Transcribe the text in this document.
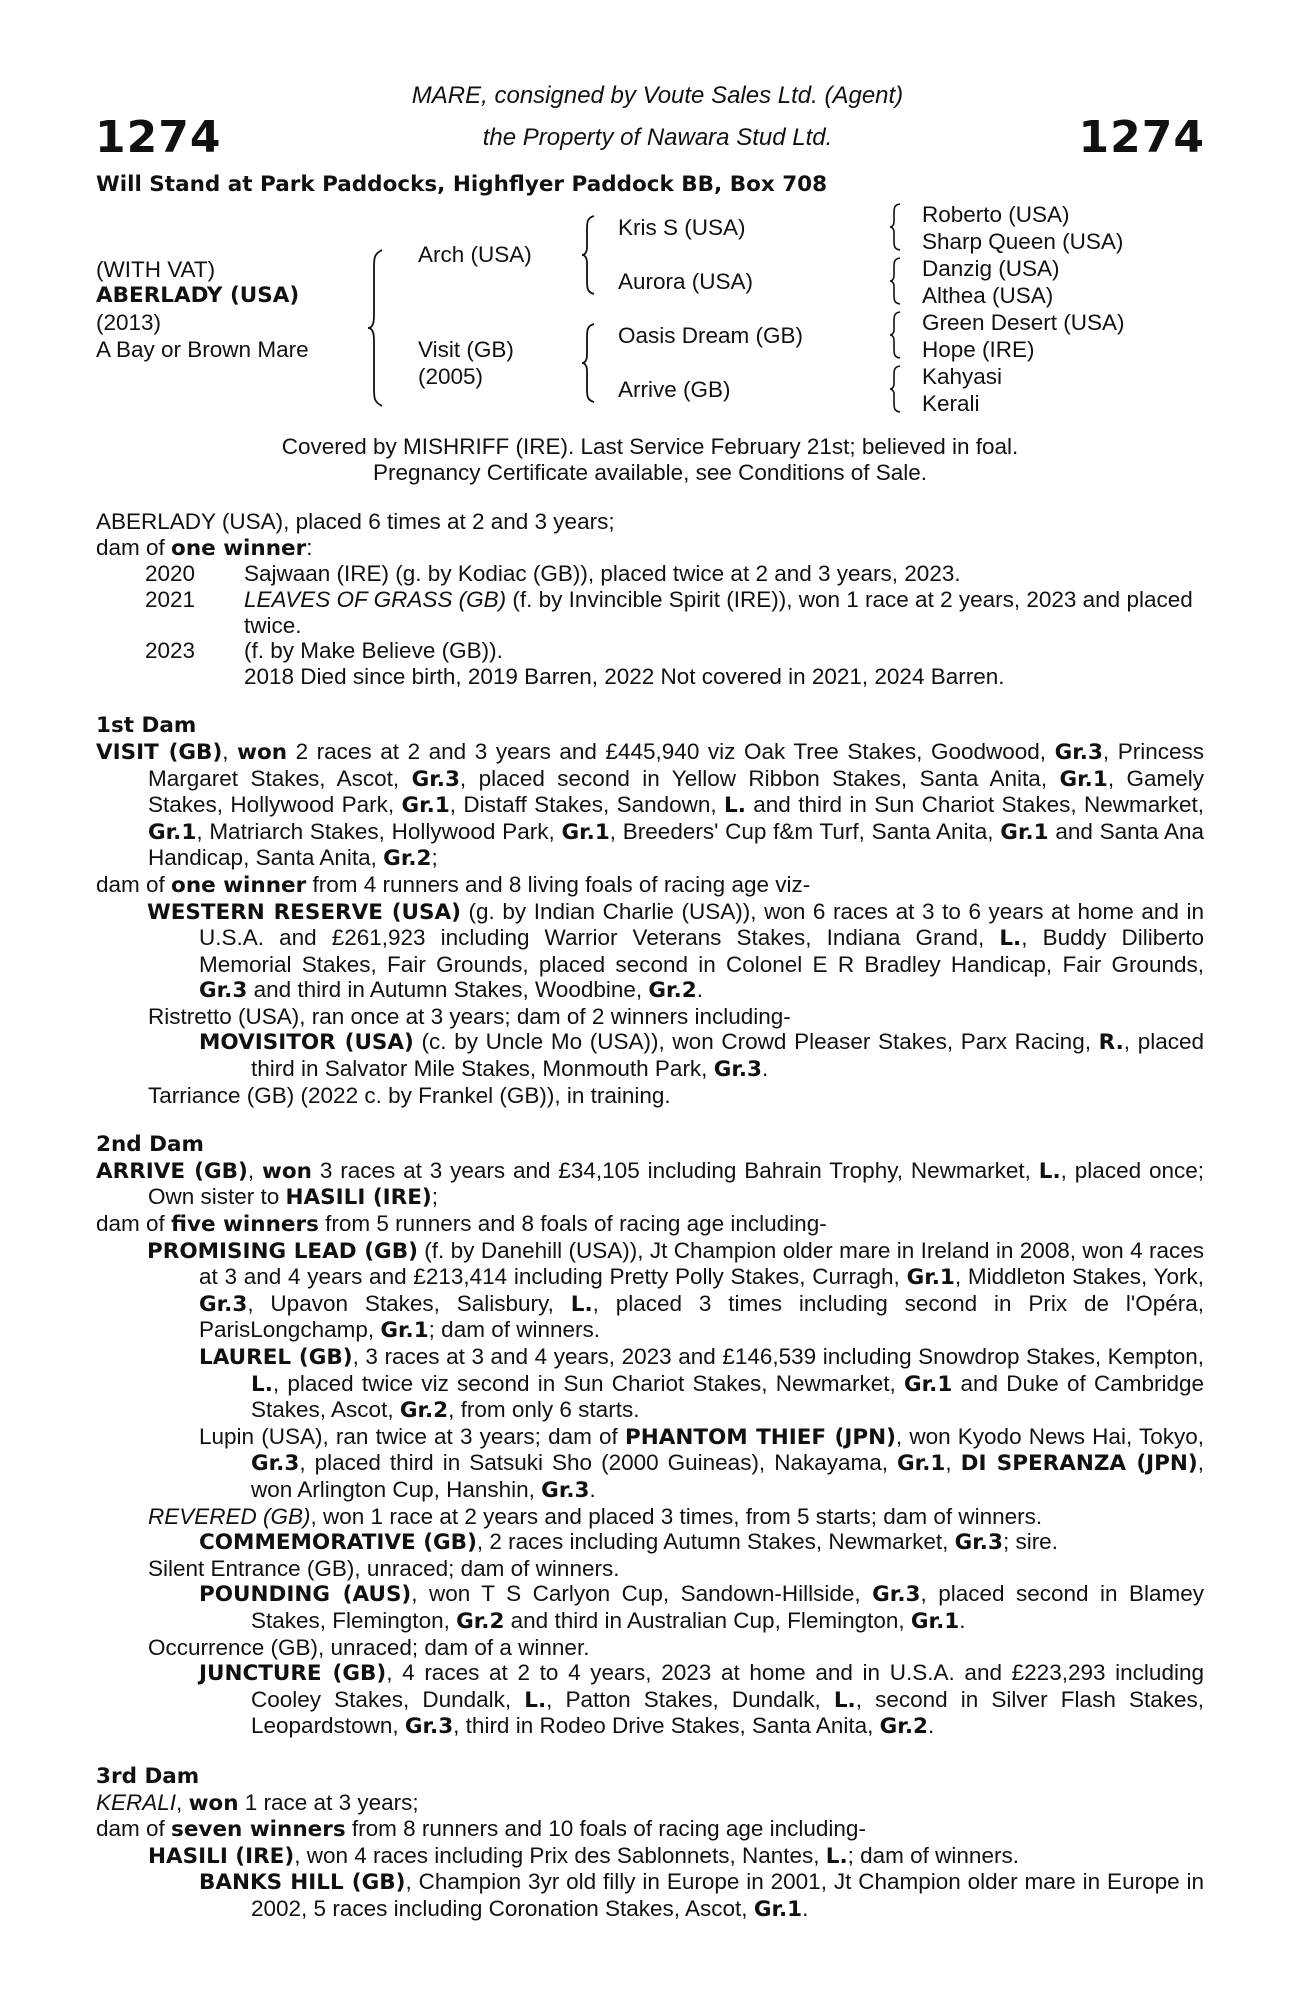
1274	1274
MARE, consigned by Voute Sales Ltd. (Agent)
the Property of Nawara Stud Ltd.
Will Stand at Park Paddocks, Highflyer Paddock BB, Box 708
(WITH VAT)
ABERLADY (USA)
(2013)
A Bay or Brown Mare
Arch (USA)
Visit (GB)
(2005)
Kris S (USA)
Aurora (USA)
Oasis Dream (GB)
Arrive (GB)
Roberto (USA)
Sharp Queen (USA)
Danzig (USA)
Althea (USA)
Green Desert (USA)
Hope (IRE)
Kahyasi
Kerali

Covered by MISHRIFF (IRE). Last Service February 21st; believed in foal.

Pregnancy Certificate available, see Conditions of Sale.

ABERLADY (USA), placed 6 times at 2 and 3 years;

dam of one winner:

2020	Sajwaan (IRE) (g. by Kodiac (GB)), placed twice at 2 and 3 years, 2023.
2021	LEAVES OF GRASS (GB) (f. by Invincible Spirit (IRE)), won 1 race at 2 years, 2023 and placed twice.
2023	(f. by Make Believe (GB)).

2018 Died since birth, 2019 Barren, 2022 Not covered in 2021, 2024 Barren.

1st Dam

VISIT (GB), won 2 races at 2 and 3 years and £445,940 viz Oak Tree Stakes, Goodwood, Gr.3, Princess Margaret Stakes, Ascot, Gr.3, placed second in Yellow Ribbon Stakes, Santa Anita, Gr.1, Gamely Stakes, Hollywood Park, Gr.1, Distaff Stakes, Sandown, L. and third in Sun Chariot Stakes, Newmarket, Gr.1, Matriarch Stakes, Hollywood Park, Gr.1, Breeders' Cup f&m Turf, Santa Anita, Gr.1 and Santa Ana Handicap, Santa Anita, Gr.2;

dam of one winner from 4 runners and 8 living foals of racing age viz-

WESTERN RESERVE (USA) (g. by Indian Charlie (USA)), won 6 races at 3 to 6 years at home and in U.S.A. and £261,923 including Warrior Veterans Stakes, Indiana Grand, L., Buddy Diliberto Memorial Stakes, Fair Grounds, placed second in Colonel E R Bradley Handicap, Fair Grounds, Gr.3 and third in Autumn Stakes, Woodbine, Gr.2.

Ristretto (USA), ran once at 3 years; dam of 2 winners including-

MOVISITOR (USA) (c. by Uncle Mo (USA)), won Crowd Pleaser Stakes, Parx Racing, R., placed third in Salvator Mile Stakes, Monmouth Park, Gr.3.

Tarriance (GB) (2022 c. by Frankel (GB)), in training.

2nd Dam

ARRIVE (GB), won 3 races at 3 years and £34,105 including Bahrain Trophy, Newmarket, L., placed once; Own sister to HASILI (IRE);

dam of five winners from 5 runners and 8 foals of racing age including-

PROMISING LEAD (GB) (f. by Danehill (USA)), Jt Champion older mare in Ireland in 2008, won 4 races at 3 and 4 years and £213,414 including Pretty Polly Stakes, Curragh, Gr.1, Middleton Stakes, York, Gr.3, Upavon Stakes, Salisbury, L., placed 3 times including second in Prix de l'Opéra, ParisLongchamp, Gr.1; dam of winners.

LAUREL (GB), 3 races at 3 and 4 years, 2023 and £146,539 including Snowdrop Stakes, Kempton, L., placed twice viz second in Sun Chariot Stakes, Newmarket, Gr.1 and Duke of Cambridge Stakes, Ascot, Gr.2, from only 6 starts.

Lupin (USA), ran twice at 3 years; dam of PHANTOM THIEF (JPN), won Kyodo News Hai, Tokyo, Gr.3, placed third in Satsuki Sho (2000 Guineas), Nakayama, Gr.1, DI SPERANZA (JPN), won Arlington Cup, Hanshin, Gr.3.

REVERED (GB), won 1 race at 2 years and placed 3 times, from 5 starts; dam of winners.

COMMEMORATIVE (GB), 2 races including Autumn Stakes, Newmarket, Gr.3; sire.

Silent Entrance (GB), unraced; dam of winners.

POUNDING (AUS), won T S Carlyon Cup, Sandown-Hillside, Gr.3, placed second in Blamey Stakes, Flemington, Gr.2 and third in Australian Cup, Flemington, Gr.1.

Occurrence (GB), unraced; dam of a winner.

JUNCTURE (GB), 4 races at 2 to 4 years, 2023 at home and in U.S.A. and £223,293 including Cooley Stakes, Dundalk, L., Patton Stakes, Dundalk, L., second in Silver Flash Stakes, Leopardstown, Gr.3, third in Rodeo Drive Stakes, Santa Anita, Gr.2.

3rd Dam

KERALI, won 1 race at 3 years;

dam of seven winners from 8 runners and 10 foals of racing age including-

HASILI (IRE), won 4 races including Prix des Sablonnets, Nantes, L.; dam of winners.

BANKS HILL (GB), Champion 3yr old filly in Europe in 2001, Jt Champion older mare in Europe in 2002, 5 races including Coronation Stakes, Ascot, Gr.1.
